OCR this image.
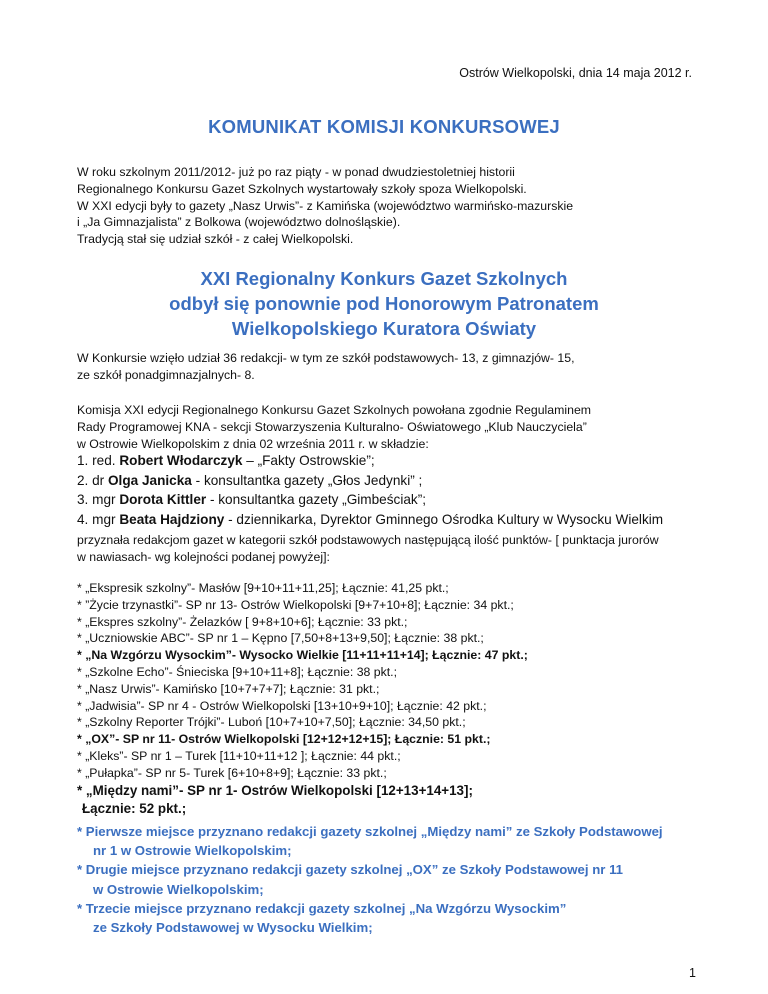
Ostrów Wielkopolski, dnia 14 maja 2012 r.
KOMUNIKAT KOMISJI KONKURSOWEJ

W roku szkolnym 2011/2012- już po raz piąty - w ponad dwudziestoletniej historii

Regionalnego Konkursu Gazet Szkolnych wystartowały szkoły spoza Wielkopolski.

W XXI edycji były to gazety „Nasz Urwis”- z Kamińska (województwo warmińsko-mazurskie

i „Ja Gimnazjalista” z Bolkowa (województwo dolnośląskie).

Tradycją stał się udział szkół - z całej Wielkopolski.

XXI Regionalny Konkurs Gazet Szkolnych

odbył się ponownie pod Honorowym Patronatem

Wielkopolskiego Kuratora Oświaty

W Konkursie wzięło udział 36 redakcji- w tym ze szkół podstawowych- 13, z gimnazjów- 15,

ze szkół ponadgimnazjalnych- 8.

Komisja XXI edycji Regionalnego Konkursu Gazet Szkolnych powołana zgodnie Regulaminem

Rady Programowej KNA - sekcji Stowarzyszenia Kulturalno- Oświatowego „Klub Nauczyciela”

w Ostrowie Wielkopolskim z dnia 02 września 2011 r. w składzie:

1. red. Robert Włodarczyk – „Fakty Ostrowskie”;

2. dr Olga Janicka - konsultantka gazety „Głos Jedynki” ;

3. mgr Dorota Kittler - konsultantka gazety „Gimbeściak”;

4. mgr Beata Hajdziony - dziennikarka, Dyrektor Gminnego Ośrodka Kultury w Wysocku Wielkim

przyznała redakcjom gazet w kategorii szkół podstawowych następującą ilość punktów- [ punktacja jurorów

w nawiasach- wg kolejności podanej powyżej]:

* „Ekspresik szkolny”- Masłów [9+10+11+11,25]; Łącznie: 41,25 pkt.;

* ”Życie trzynastki”- SP nr 13- Ostrów Wielkopolski [9+7+10+8]; Łącznie: 34 pkt.;

* „Ekspres szkolny”- Żelazków [ 9+8+10+6]; Łącznie: 33 pkt.;

* „Uczniowskie ABC”- SP nr 1 – Kępno [7,50+8+13+9,50]; Łącznie: 38 pkt.;

* „Na Wzgórzu Wysockim”- Wysocko Wielkie [11+11+11+14]; Łącznie: 47 pkt.;

* „Szkolne Echo”- Śnieciska [9+10+11+8]; Łącznie: 38 pkt.;

* „Nasz Urwis”- Kamińsko [10+7+7+7]; Łącznie: 31 pkt.;

* „Jadwisia”- SP nr 4 - Ostrów Wielkopolski [13+10+9+10]; Łącznie: 42 pkt.;

* „Szkolny Reporter Trójki”- Luboń [10+7+10+7,50]; Łącznie: 34,50 pkt.;

* „OX”- SP nr 11- Ostrów Wielkopolski [12+12+12+15]; Łącznie: 51 pkt.;

* „Kleks”- SP nr 1 – Turek [11+10+11+12 ]; Łącznie: 44 pkt.;

* „Pułapka”- SP nr 5- Turek [6+10+8+9]; Łącznie: 33 pkt.;

* „Między nami”- SP nr 1- Ostrów Wielkopolski [12+13+14+13];

Łącznie: 52 pkt.;

* Pierwsze miejsce przyznano redakcji gazety szkolnej „Między nami” ze Szkoły Podstawowej

nr 1 w Ostrowie Wielkopolskim;

* Drugie miejsce przyznano redakcji gazety szkolnej „OX” ze Szkoły Podstawowej nr 11

w Ostrowie Wielkopolskim;

* Trzecie miejsce przyznano redakcji gazety szkolnej „Na Wzgórzu Wysockim”

ze Szkoły Podstawowej w Wysocku Wielkim;

1
